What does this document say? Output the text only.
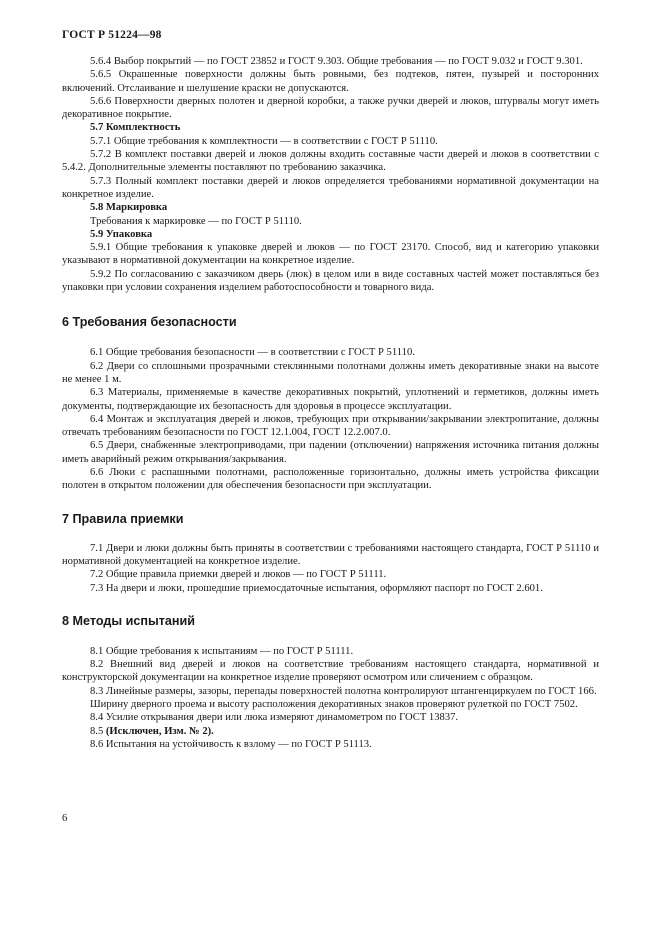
ГОСТ Р 51224—98

5.6.4 Выбор покрытий — по ГОСТ 23852 и ГОСТ 9.303. Общие требования — по ГОСТ 9.032 и ГОСТ 9.301.

5.6.5 Окрашенные поверхности должны быть ровными, без подтеков, пятен, пузырей и посторонних включений. Отслаивание и шелушение краски не допускаются.

5.6.6 Поверхности дверных полотен и дверной коробки, а также ручки дверей и люков, штурвалы могут иметь декоративное покрытие.

5.7 Комплектность

5.7.1 Общие требования к комплектности — в соответствии с ГОСТ Р 51110.

5.7.2 В комплект поставки дверей и люков должны входить составные части дверей и люков в соответствии с 5.4.2. Дополнительные элементы поставляют по требованию заказчика.

5.7.3 Полный комплект поставки дверей и люков определяется требованиями нормативной документации на конкретное изделие.

5.8 Маркировка

Требования к маркировке — по ГОСТ Р 51110.

5.9 Упаковка

5.9.1 Общие требования к упаковке дверей и люков — по ГОСТ 23170. Способ, вид и категорию упаковки указывают в нормативной документации на конкретное изделие.

5.9.2 По согласованию с заказчиком дверь (люк) в целом или в виде составных частей может поставляться без упаковки при условии сохранения изделием работоспособности и товарного вида.

6 Требования безопасности

6.1 Общие требования безопасности — в соответствии с ГОСТ Р 51110.

6.2 Двери со сплошными прозрачными стеклянными полотнами должны иметь декоративные знаки на высоте не менее 1 м.

6.3 Материалы, применяемые в качестве декоративных покрытий, уплотнений и герметиков, должны иметь документы, подтверждающие их безопасность для здоровья в процессе эксплуатации.

6.4 Монтаж и эксплуатация дверей и люков, требующих при открывании/закрывании электропитание, должны отвечать требованиям безопасности по ГОСТ 12.1.004, ГОСТ 12.2.007.0.

6.5 Двери, снабженные электроприводами, при падении (отключении) напряжения источника питания должны иметь аварийный режим открывания/закрывания.

6.6 Люки с распашными полотнами, расположенные горизонтально, должны иметь устройства фиксации полотен в открытом положении для обеспечения безопасности при эксплуатации.

7 Правила приемки

7.1 Двери и люки должны быть приняты в соответствии с требованиями настоящего стандарта, ГОСТ Р 51110 и нормативной документацией на конкретное изделие.

7.2 Общие правила приемки дверей и люков — по ГОСТ Р 51111.

7.3 На двери и люки, прошедшие приемосдаточные испытания, оформляют паспорт по ГОСТ 2.601.

8 Методы испытаний

8.1 Общие требования к испытаниям — по ГОСТ Р 51111.

8.2 Внешний вид дверей и люков на соответствие требованиям настоящего стандарта, нормативной и конструкторской документации на конкретное изделие проверяют осмотром или сличением с образцом.

8.3 Линейные размеры, зазоры, перепады поверхностей полотна контролируют штангенциркулем по ГОСТ 166.

Ширину дверного проема и высоту расположения декоративных знаков проверяют рулеткой по ГОСТ 7502.

8.4 Усилие открывания двери или люка измеряют динамометром по ГОСТ 13837.

8.5 (Исключен, Изм. № 2).

8.6 Испытания на устойчивость к взлому — по ГОСТ Р 51113.

6
